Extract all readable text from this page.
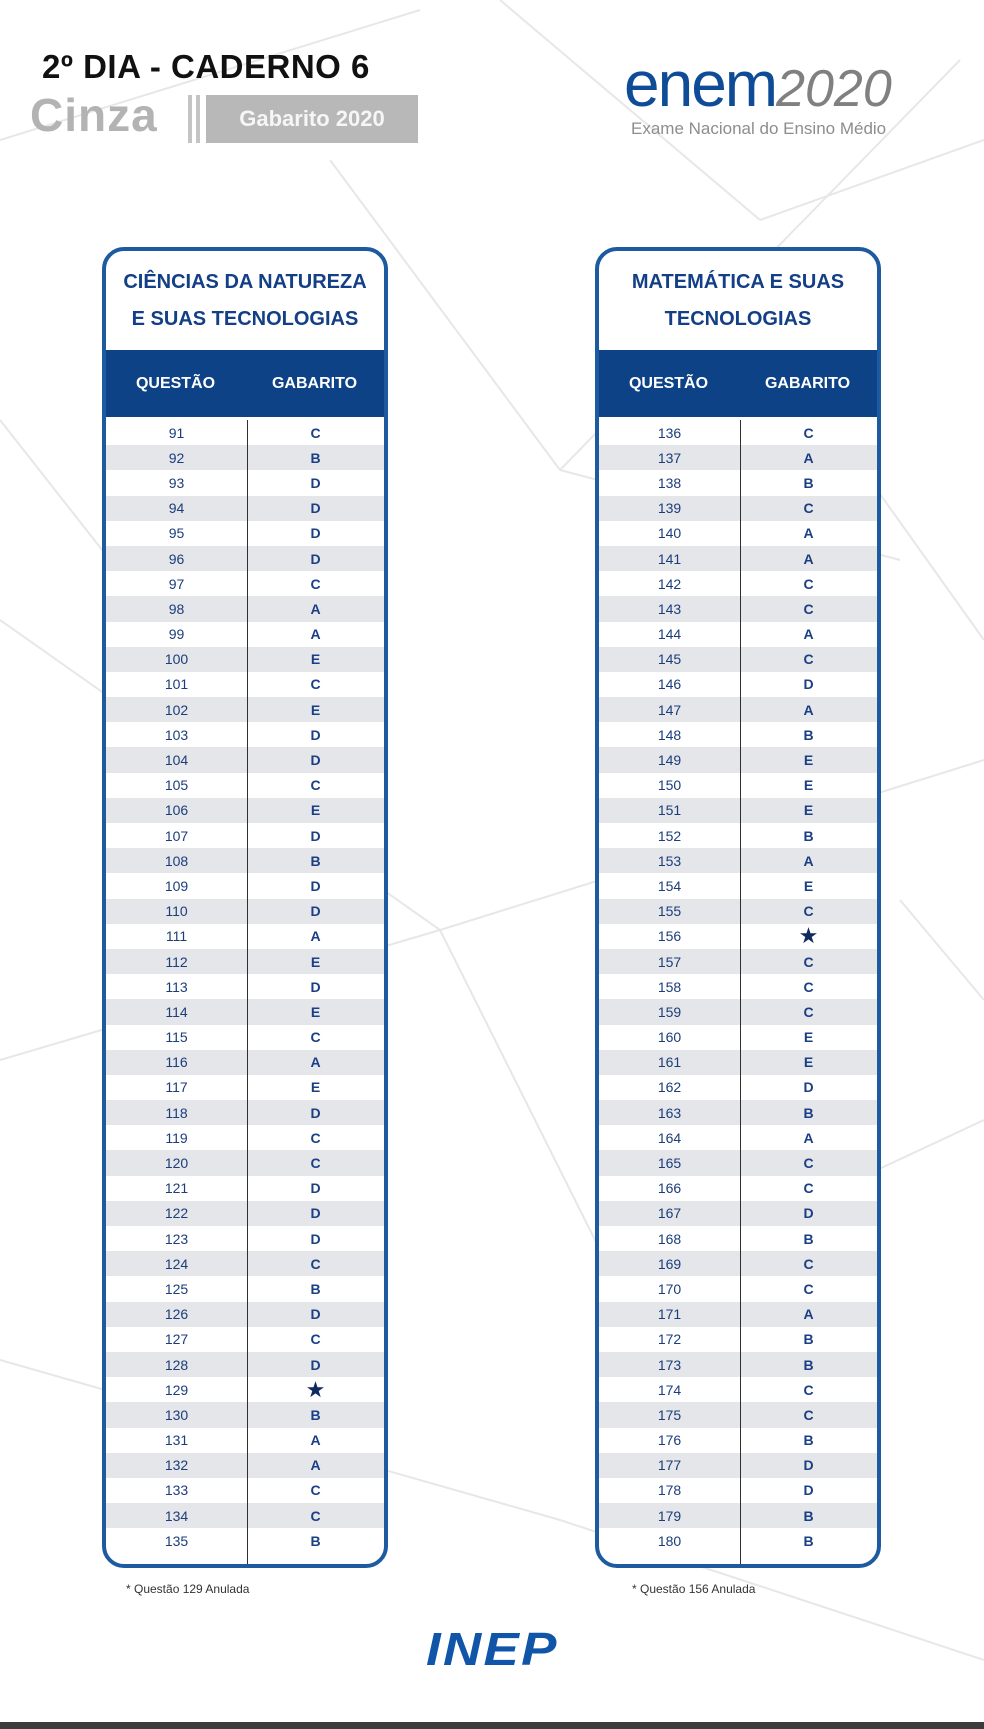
2º DIA - CADERNO 6
Cinza	Gabarito 2020	enem2020
Exame Nacional do Ensino Médio
CIÊNCIAS DA NATUREZA
E SUAS TECNOLOGIAS
QUESTÃO	GABARITO
91	C
92	B
93	D
94	D
95	D
96	D
97	C
98	A
99	A
100	E
101	C
102	E
103	D
104	D
105	C
106	E
107	D
108	B
109	D
110	D
111	A
112	E
113	D
114	E
115	C
116	A
117	E
118	D
119	C
120	C
121	D
122	D
123	D
124	C
125	B
126	D
127	C
128	D
129	★
130	B
131	A
132	A
133	C
134	C
135	B
MATEMÁTICA E SUAS
TECNOLOGIAS
QUESTÃO	GABARITO
136	C
137	A
138	B
139	C
140	A
141	A
142	C
143	C
144	A
145	C
146	D
147	A
148	B
149	E
150	E
151	E
152	B
153	A
154	E
155	C
156	★
157	C
158	C
159	C
160	E
161	E
162	D
163	B
164	A
165	C
166	C
167	D
168	B
169	C
170	C
171	A
172	B
173	B
174	C
175	C
176	B
177	D
178	D
179	B
180	B
* Questão 129 Anulada	* Questão 156 Anulada
INEP
